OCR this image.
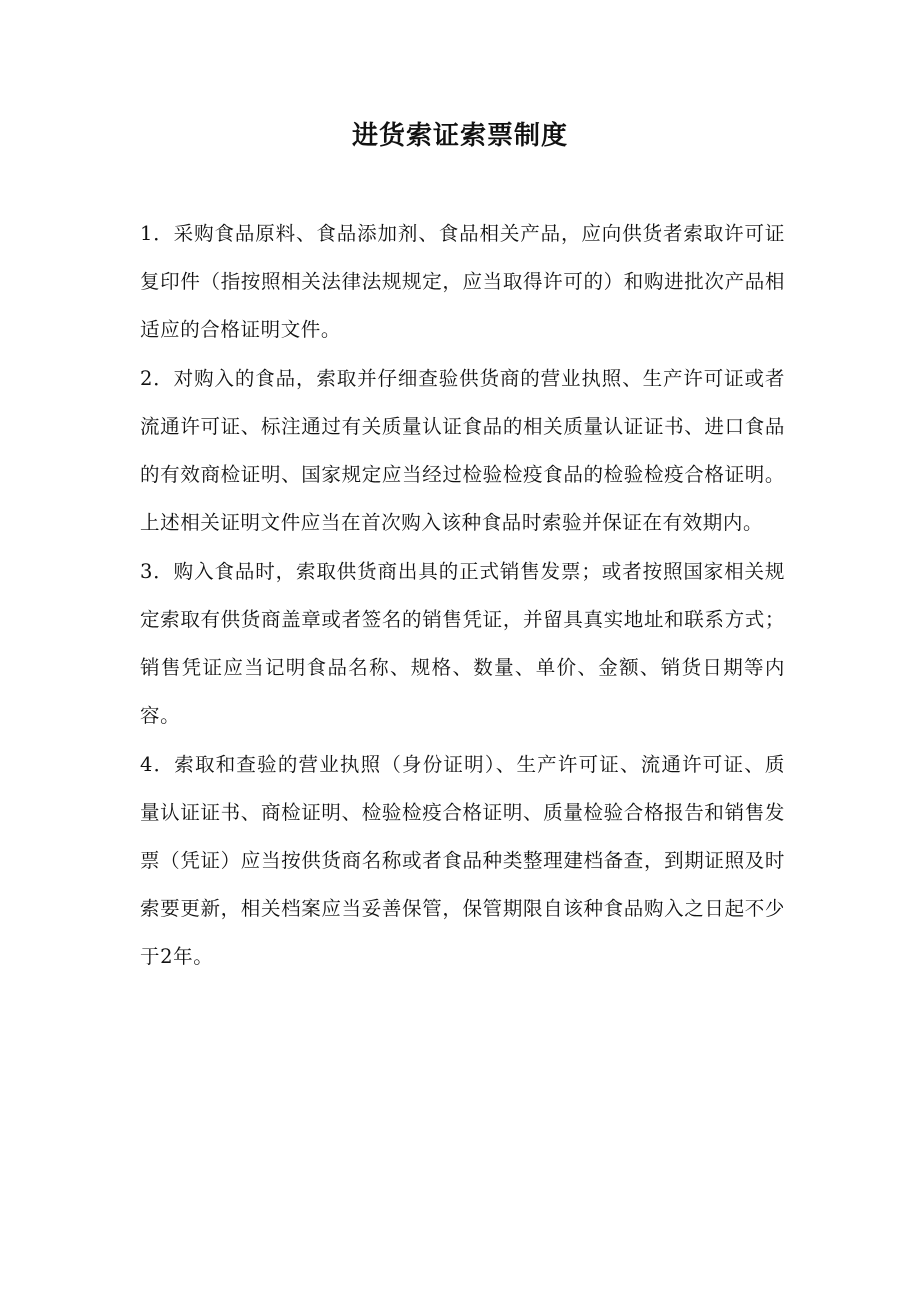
进货索证索票制度

1．采购食品原料、食品添加剂、食品相关产品，应向供货者索取许可证复印件（指按照相关法律法规规定，应当取得许可的）和购进批次产品相适应的合格证明文件。

2．对购入的食品，索取并仔细查验供货商的营业执照、生产许可证或者流通许可证、标注通过有关质量认证食品的相关质量认证证书、进口食品的有效商检证明、国家规定应当经过检验检疫食品的检验检疫合格证明。上述相关证明文件应当在首次购入该种食品时索验并保证在有效期内。

3．购入食品时，索取供货商出具的正式销售发票；或者按照国家相关规定索取有供货商盖章或者签名的销售凭证，并留具真实地址和联系方式；销售凭证应当记明食品名称、规格、数量、单价、金额、销货日期等内容。

4．索取和查验的营业执照（身份证明）、生产许可证、流通许可证、质量认证证书、商检证明、检验检疫合格证明、质量检验合格报告和销售发票（凭证）应当按供货商名称或者食品种类整理建档备查，到期证照及时索要更新，相关档案应当妥善保管，保管期限自该种食品购入之日起不少于2年。
